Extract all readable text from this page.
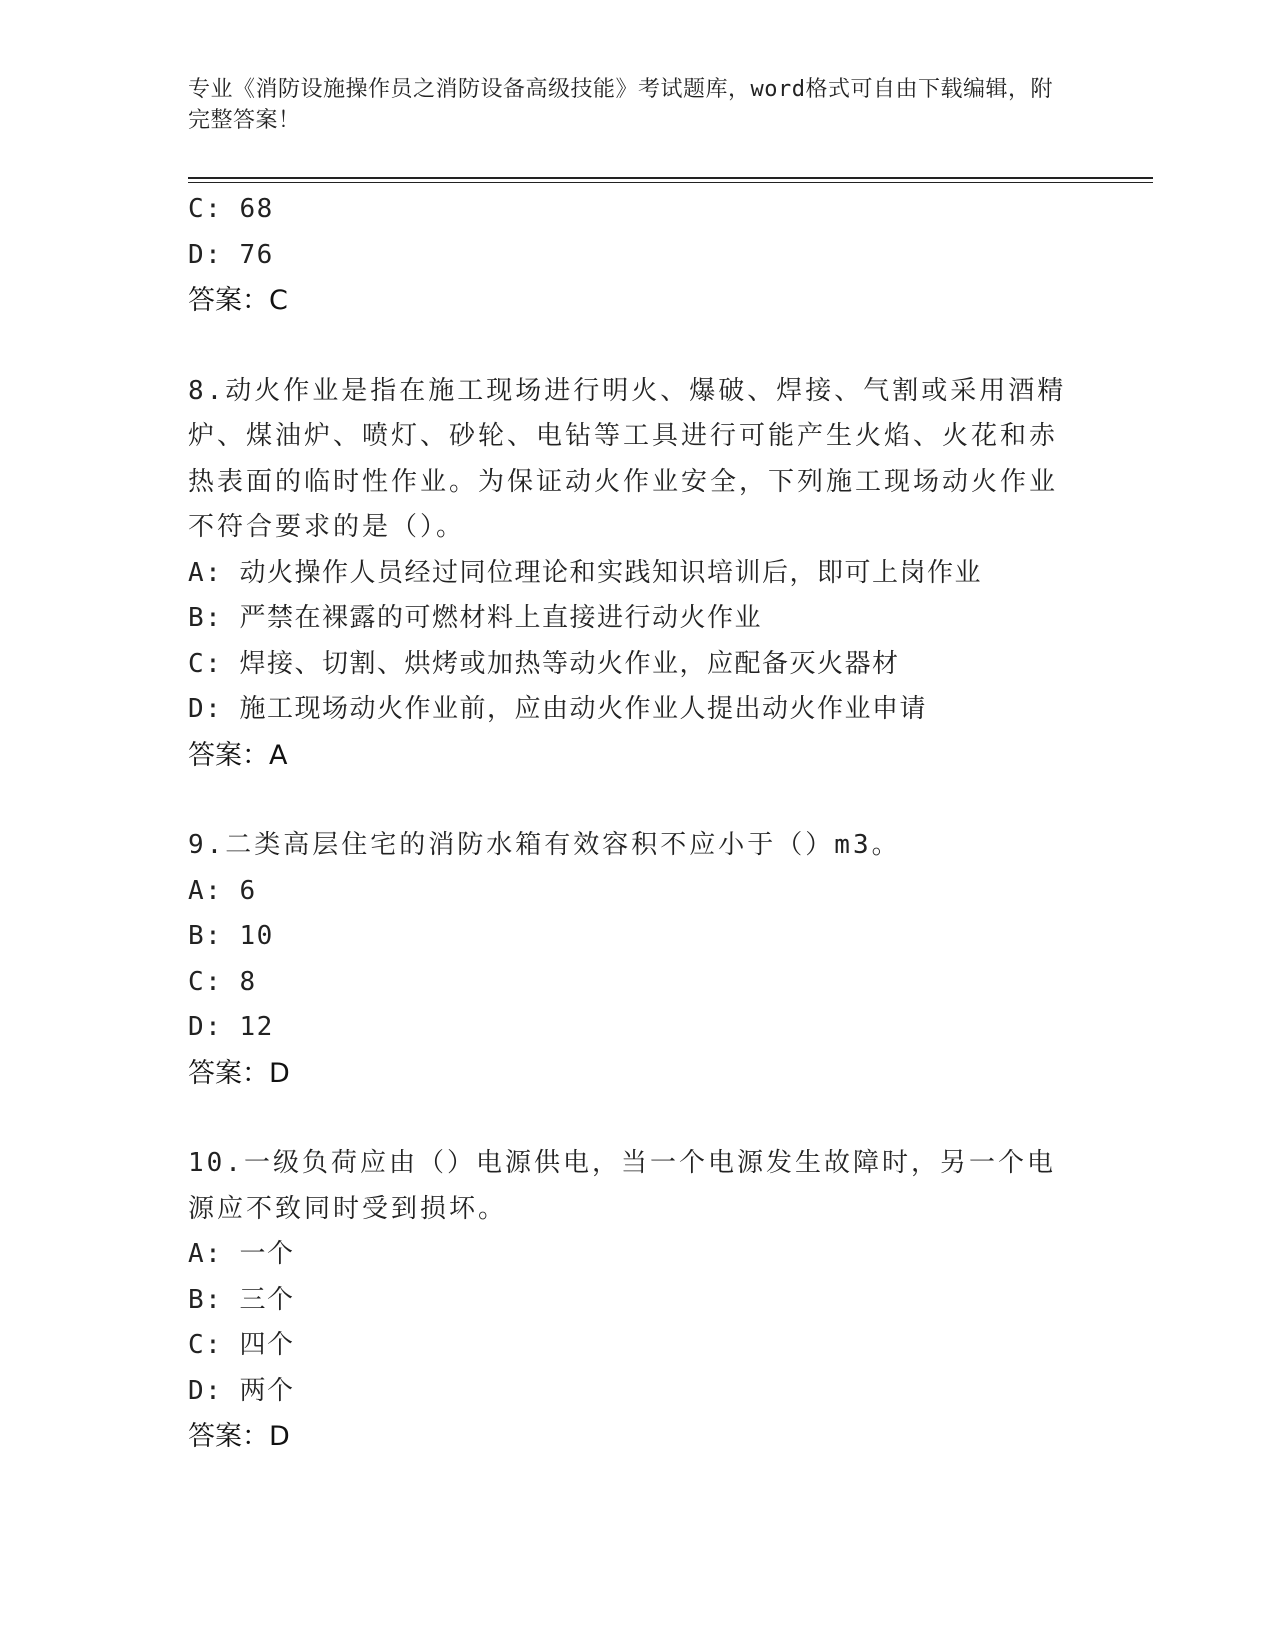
专业《消防设施操作员之消防设备高级技能》考试题库，word格式可自由下载编辑，附完整答案！
C: 68
D: 76
答案：C
8.动火作业是指在施工现场进行明火、爆破、焊接、气割或采用酒精炉、煤油炉、喷灯、砂轮、电钻等工具进行可能产生火焰、火花和赤热表面的临时性作业。为保证动火作业安全，下列施工现场动火作业不符合要求的是（）。
A: 动火操作人员经过同位理论和实践知识培训后，即可上岗作业
B: 严禁在裸露的可燃材料上直接进行动火作业
C: 焊接、切割、烘烤或加热等动火作业，应配备灭火器材
D: 施工现场动火作业前，应由动火作业人提出动火作业申请
答案：A
9.二类高层住宅的消防水箱有效容积不应小于（）m3。
A: 6
B: 10
C: 8
D: 12
答案：D
10.一级负荷应由（）电源供电，当一个电源发生故障时，另一个电源应不致同时受到损坏。
A: 一个
B: 三个
C: 四个
D: 两个
答案：D
